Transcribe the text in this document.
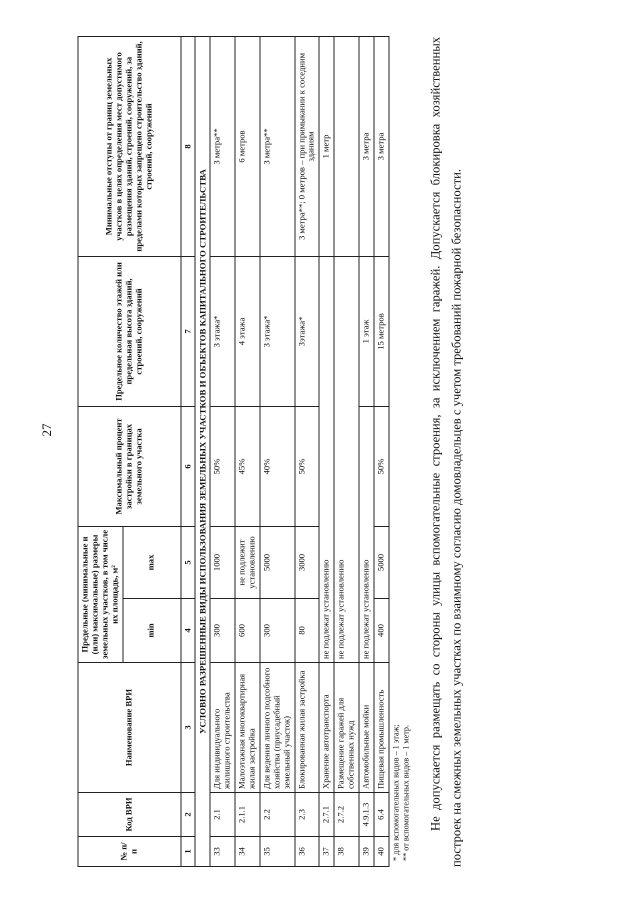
27
№ п/п	Код ВРИ	Наименование ВРИ	Предельные (минимальные и (или) максимальные) размеры земельных участков, в том числе их площадь, м²		Максимальный процент застройки в границах земельного участка	Предельное количество этажей или предельная высота зданий, строений, сооружений	Минимальные отступы от границ земельных участков в целях определения мест допустимого размещения зданий, строений, сооружений, за пределами которых запрещено строительство зданий, строений, сооружений
			min	max			
1	2	3	4	5	6	7	8
УСЛОВНО РАЗРЕШЕННЫЕ ВИДЫ ИСПОЛЬЗОВАНИЯ ЗЕМЕЛЬНЫХ УЧАСТКОВ И ОБЪЕКТОВ КАПИТАЛЬНОГО СТРОИТЕЛЬСТВА							
33	2.1	Для индивидуального жилищного строительства	300	1000	50%	3 этажа*	3 метра**
34	2.1.1	Малоэтажная многоквартирная жилая застройка	600	не подлежит установлению	45%	4 этажа	6 метров
35	2.2	Для ведения личного подсобного хозяйства (приусадебный земельный участок)	300	5000	40%	3 этажа*	3 метра**
36	2.3	Блокированная жилая застройка	80	3000	50%	3этажа*	3 метра**; 0 метров – при примыкании к соседним зданиям
37	2.7.1	Хранение автотранспорта	не подлежат установлению				1 метр
38	2.7.2	Размещение гаражей для собственных нужд	не подлежат установлению				
39	4.9.1.3	Автомобильные мойки	не подлежат установлению			1 этаж	3 метра
40	6.4	Пищевая промышленность	400	5000	50%	15 метров	3 метра
* для вспомогательных видов – 1 этаж; ** от вспомогательных видов – 1 метр. Не допускается размещать со стороны улицы вспомогательные строения, за исключением гаражей. Допускается блокировка хозяйственных построек на смежных земельных участках по взаимному согласию домовладельцев с учетом требований пожарной безопасности.
